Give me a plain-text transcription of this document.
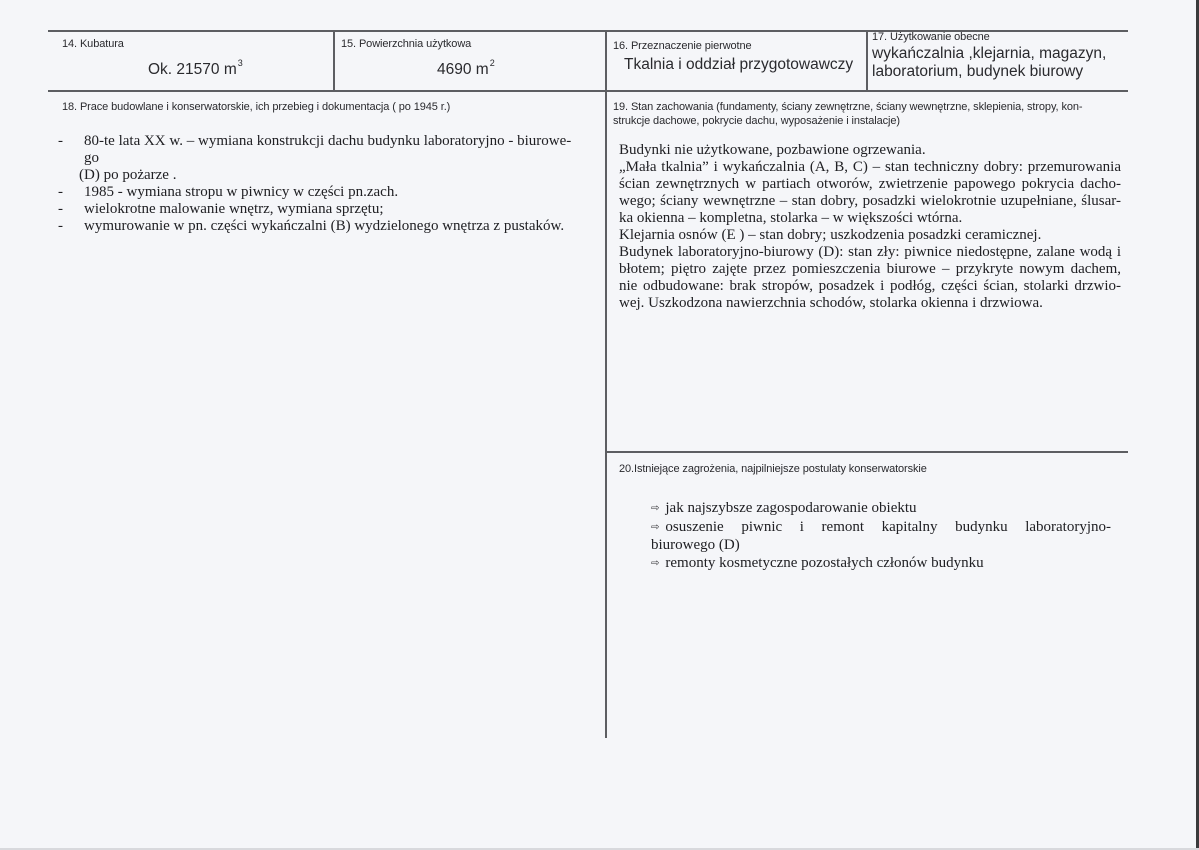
14. Kubatura
Ok. 21570 $m^3$
15. Powierzchnia użytkowa
4690 $m^2$
16. Przeznaczenie pierwotne
Tkalnia i oddział przygotowawczy
17. Użytkowanie obecne
wykańczalnia ,klejarnia, magazyn,
laboratorium, budynek biurowy
18. Prace budowlane i konserwatorskie, ich przebieg i dokumentacja ( po 1945 r.)
- 80-te lata XX w. – wymiana konstrukcji dachu budynku laboratoryjno - biurowe-
go
(D) po pożarze .
- 1985 - wymiana stropu w piwnicy w części pn.zach.
- wielokrotne malowanie wnętrz, wymiana sprzętu;
- wymurowanie w pn. części wykańczalni (B) wydzielonego wnętrza z pustaków.
19. Stan zachowania (fundamenty, ściany zewnętrzne, ściany wewnętrzne, sklepienia, stropy, kon-
strukcje dachowe, pokrycie dachu, wyposażenie i instalacje)
Budynki nie użytkowane, pozbawione ogrzewania.
„Mała tkalnia” i wykańczalnia (A, B, C) – stan techniczny dobry: przemurowania
ścian zewnętrznych w partiach otworów, zwietrzenie papowego pokrycia dacho-
wego; ściany wewnętrzne – stan dobry, posadzki wielokrotnie uzupełniane, ślusar-
ka okienna – kompletna, stolarka – w większości wtórna.
Klejarnia osnów (E ) – stan dobry; uszkodzenia posadzki ceramicznej.
Budynek laboratoryjno-biurowy (D): stan zły: piwnice niedostępne, zalane wodą i
błotem; piętro zajęte przez pomieszczenia biurowe – przykryte nowym dachem,
nie odbudowane: brak stropów, posadzek i podłóg, części ścian, stolarki drzwio-
wej. Uszkodzona nawierzchnia schodów, stolarka okienna i drzwiowa.
20.Istniejące zagrożenia, najpilniejsze postulaty konserwatorskie
⇨ jak najszybsze zagospodarowanie obiektu
⇨ osuszenie piwnic i remont kapitalny budynku laboratoryjno-
biurowego (D)
⇨ remonty kosmetyczne pozostałych członów budynku
